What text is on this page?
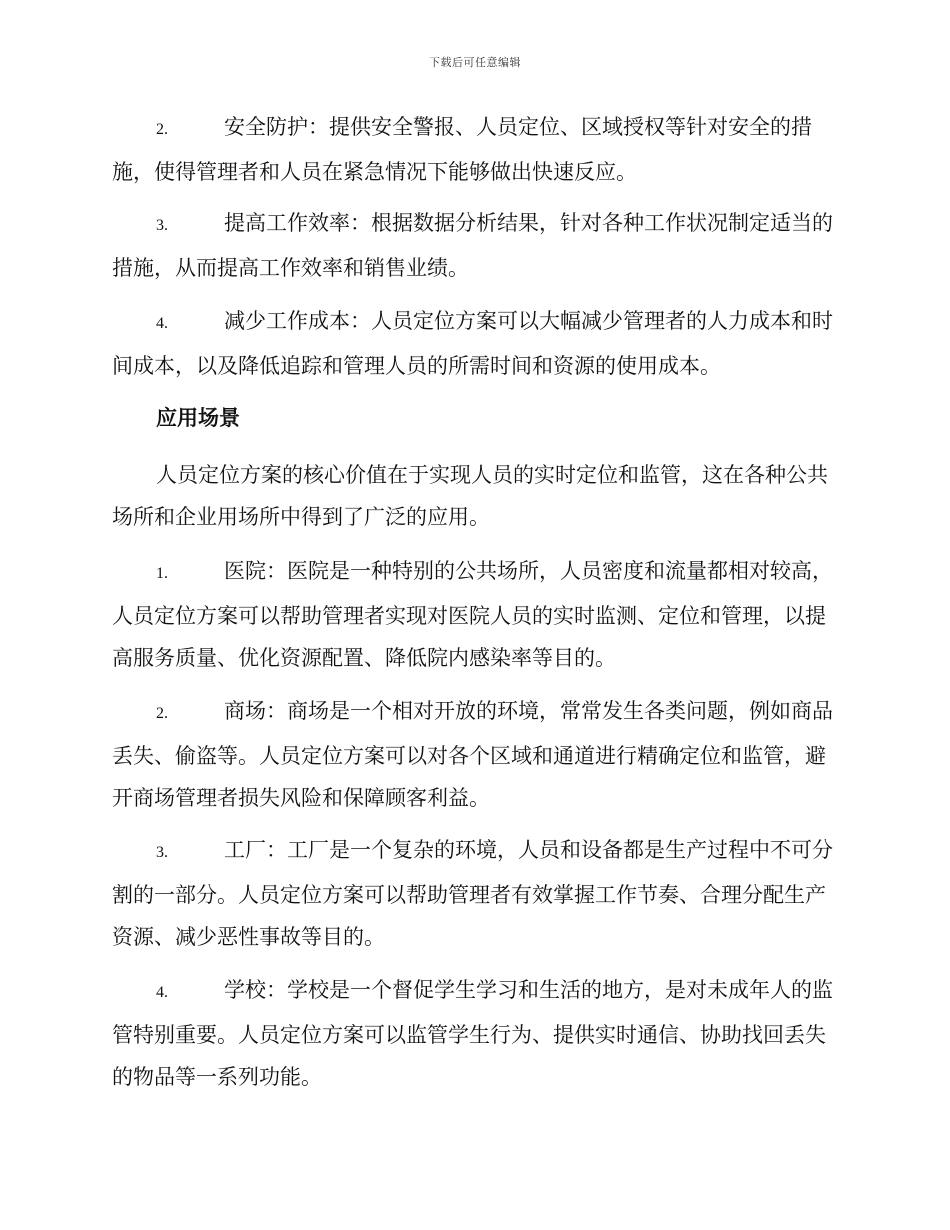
下载后可任意编辑

2.	安全防护：提供安全警报、人员定位、区域授权等针对安全的措施，使得管理者和人员在紧急情况下能够做出快速反应。

3.	提高工作效率：根据数据分析结果，针对各种工作状况制定适当的措施，从而提高工作效率和销售业绩。

4.	减少工作成本：人员定位方案可以大幅减少管理者的人力成本和时间成本，以及降低追踪和管理人员的所需时间和资源的使用成本。

应用场景

人员定位方案的核心价值在于实现人员的实时定位和监管，这在各种公共场所和企业用场所中得到了广泛的应用。

1.	医院：医院是一种特别的公共场所，人员密度和流量都相对较高，人员定位方案可以帮助管理者实现对医院人员的实时监测、定位和管理，以提高服务质量、优化资源配置、降低院内感染率等目的。

2.	商场：商场是一个相对开放的环境，常常发生各类问题，例如商品丢失、偷盗等。人员定位方案可以对各个区域和通道进行精确定位和监管，避开商场管理者损失风险和保障顾客利益。

3.	工厂：工厂是一个复杂的环境，人员和设备都是生产过程中不可分割的一部分。人员定位方案可以帮助管理者有效掌握工作节奏、合理分配生产资源、减少恶性事故等目的。

4.	学校：学校是一个督促学生学习和生活的地方，是对未成年人的监管特别重要。人员定位方案可以监管学生行为、提供实时通信、协助找回丢失的物品等一系列功能。
